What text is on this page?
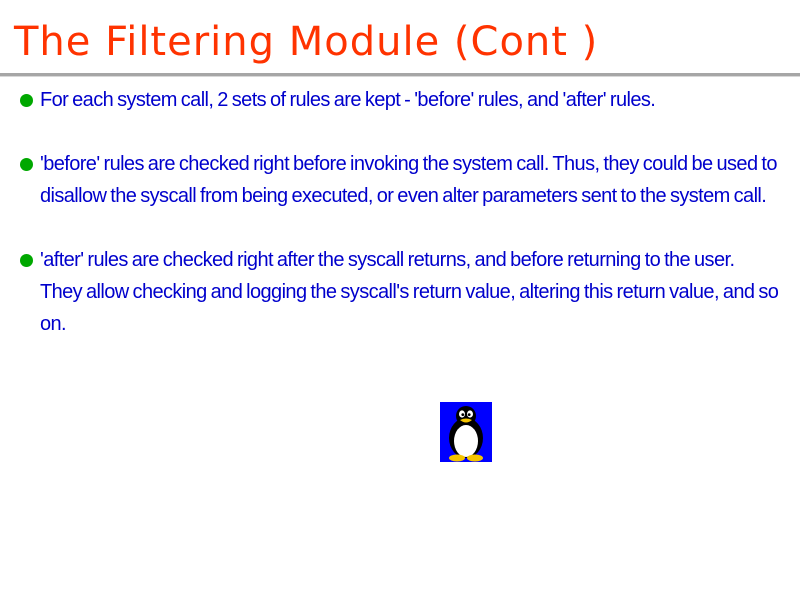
The Filtering Module (Cont )
For each system call, 2 sets of rules are kept - 'before' rules, and 'after' rules.
'before' rules are checked right before invoking the system call. Thus, they could be used to disallow the syscall from being executed, or even alter parameters sent to the system call.
'after' rules are checked right after the syscall returns, and before returning to the user. They allow checking and logging the syscall's return value, altering this return value, and so on.
